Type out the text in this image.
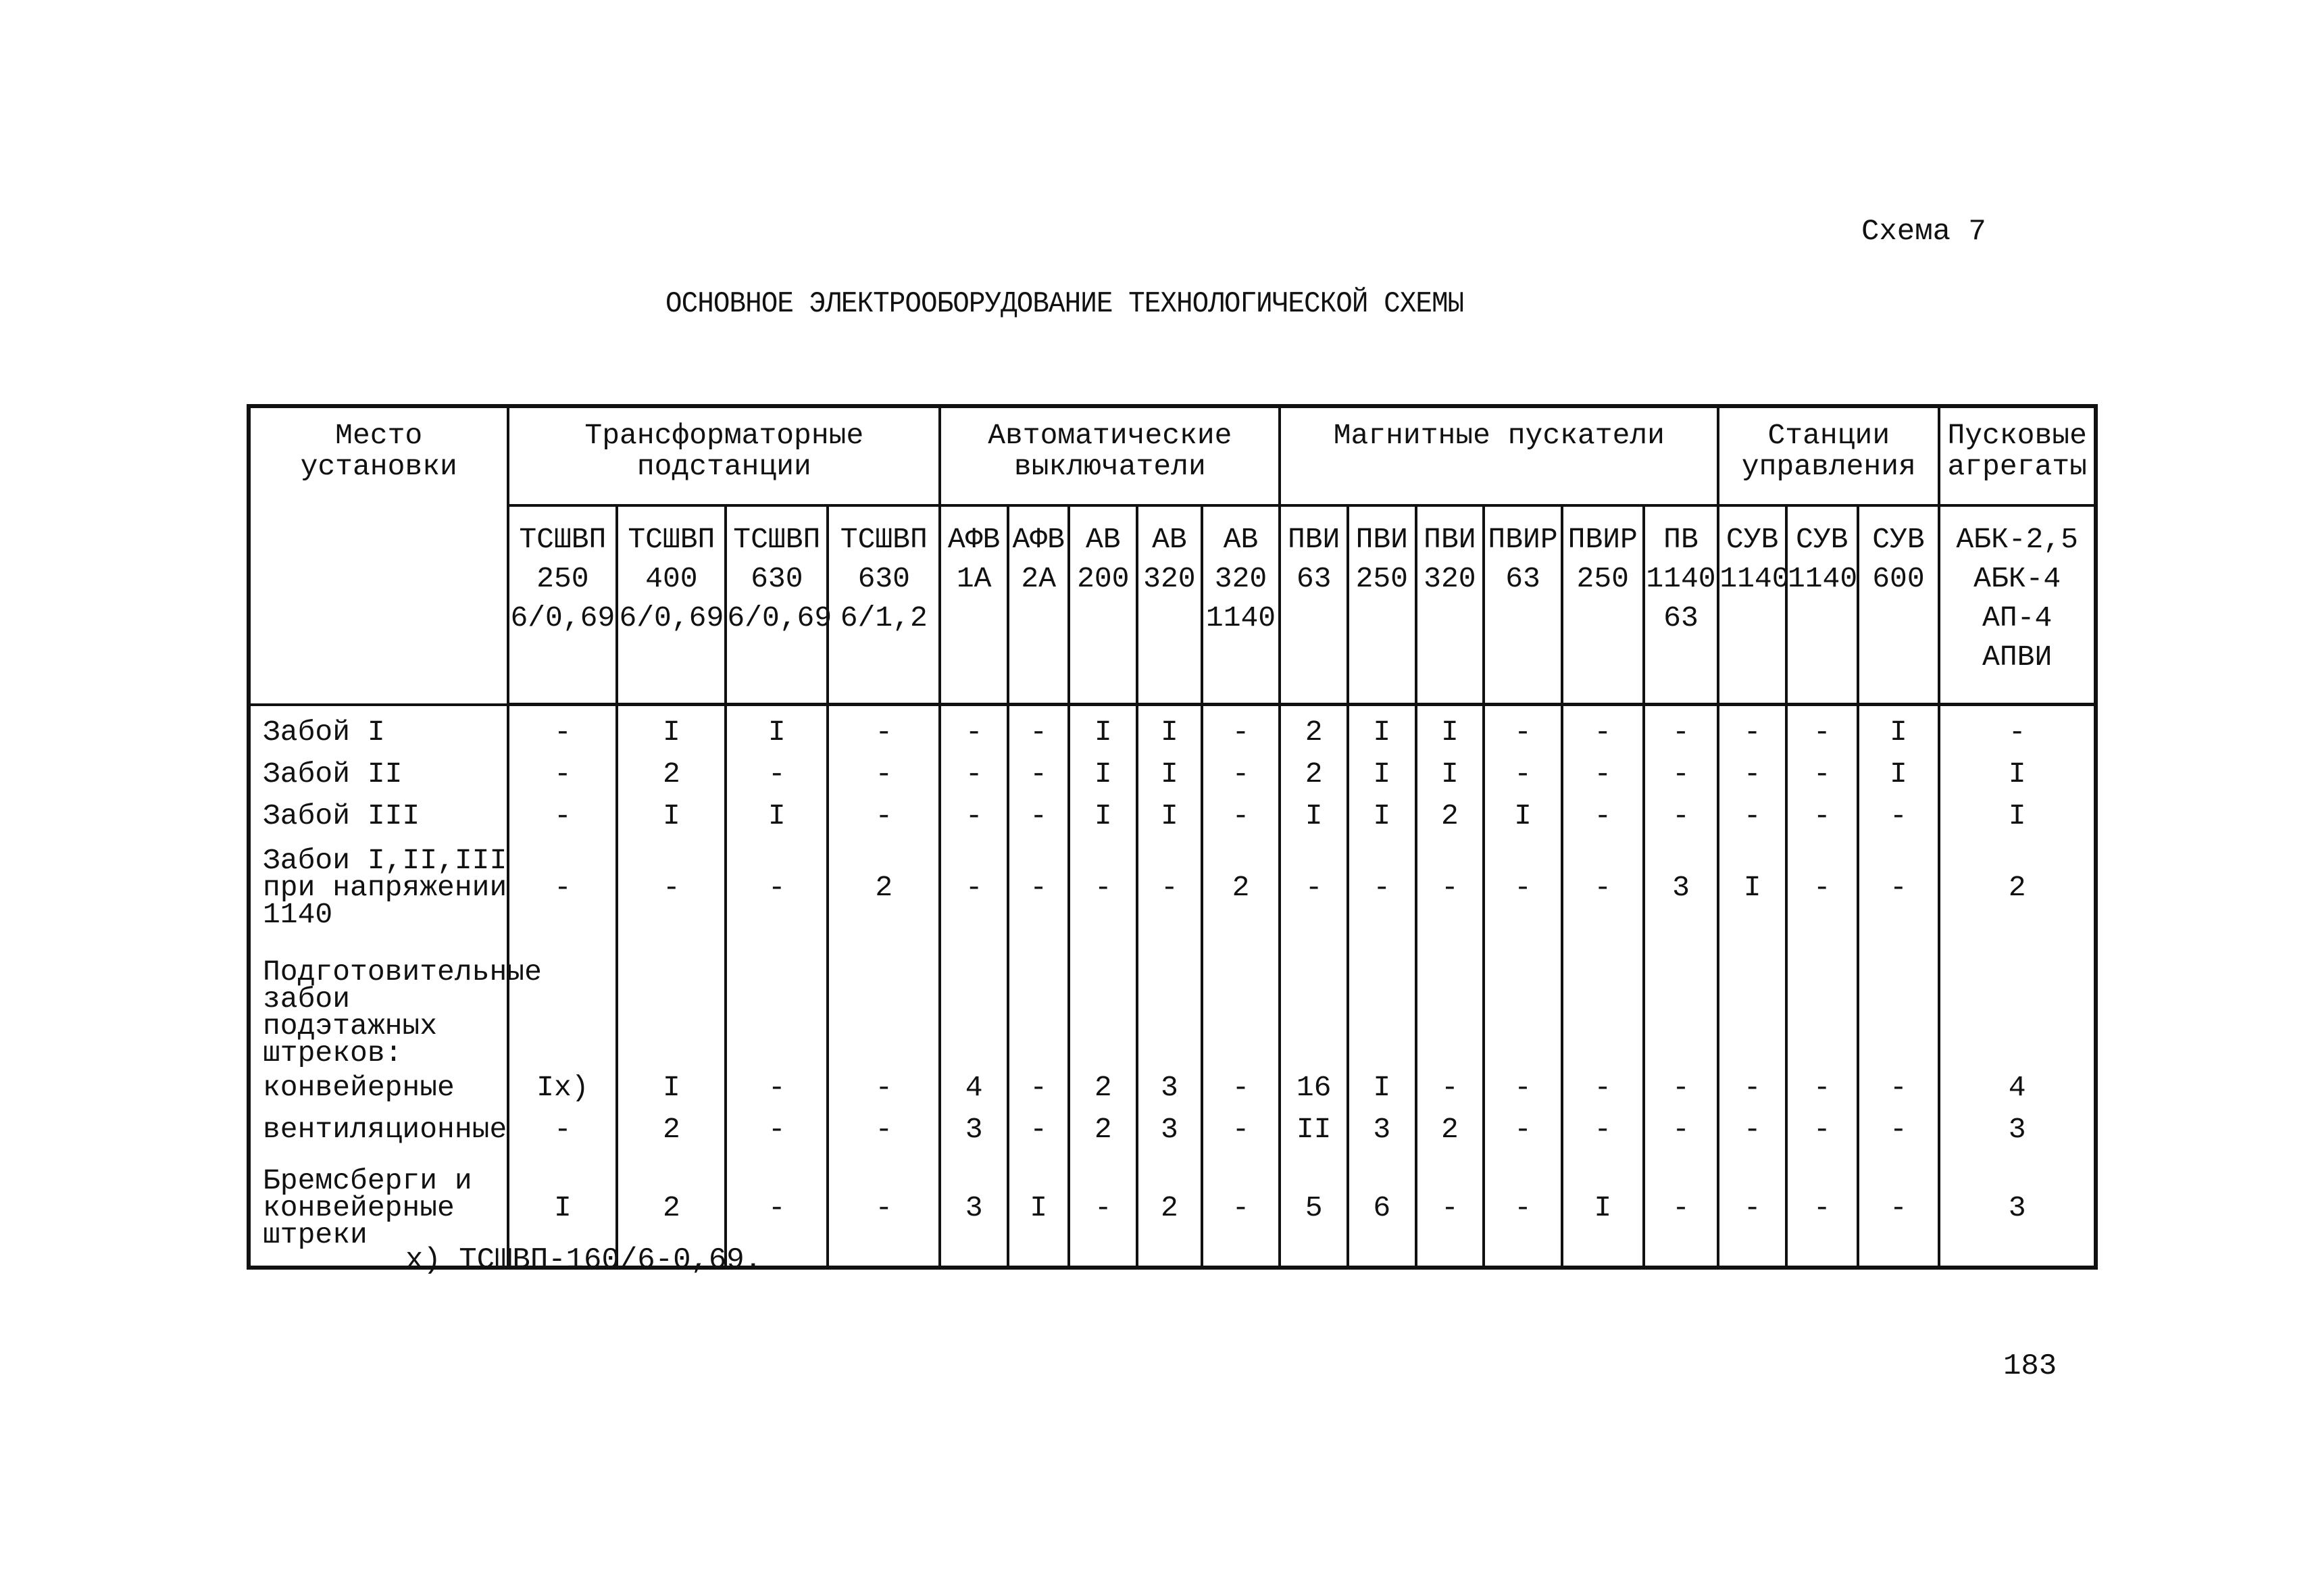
Схема 7
ОСНОВНОЕ ЭЛЕКТРООБОРУДОВАНИЕ ТЕХНОЛОГИЧЕСКОЙ СХЕМЫ
Место установки	Трансформаторные подстанции				Автоматические выключатели					Магнитные пускатели						Станции управления			Пусковые агрегаты
	ТСШВП 250 6/0,69	ТСШВП 400 6/0,69	ТСШВП 630 6/0,69	ТСШВП 630 6/1,2	АФВ 1А	АФВ 2А	АВ 200	АВ 320	АВ 320 1140	ПВИ 63	ПВИ 250	ПВИ 320	ПВИР 63	ПВИР 250	ПВ 1140 63	СУВ 1140	СУВ 1140	СУВ 600	АБК-2,5 АБК-4 АП-4 АПВИ
Забой I	-	I	I	-	-	-	I	I	-	2	I	I	-	-	-	-	-	I	-
Забой II	-	2	-	-	-	-	I	I	-	2	I	I	-	-	-	-	-	I	I
Забой III	-	I	I	-	-	-	I	I	-	I	I	2	I	-	-	-	-	-	I
Забои I,II,III при напряжении 1140	-	-	-	2	-	-	-	-	2	-	-	-	-	-	3	I	-	-	2
Подготовительные забои подэтажных штреков:																			
конвейерные	Ix)	I	-	-	4	-	2	3	-	16	I	-	-	-	-	-	-	-	4
вентиляционные	-	2	-	-	3	-	2	3	-	II	3	2	-	-	-	-	-	-	3
Бремсберги и конвейерные штреки	I	2	-	-	3	I	-	2	-	5	6	-	-	I	-	-	-	-	3
x) ТСШВП-160/6-0,69.
183
